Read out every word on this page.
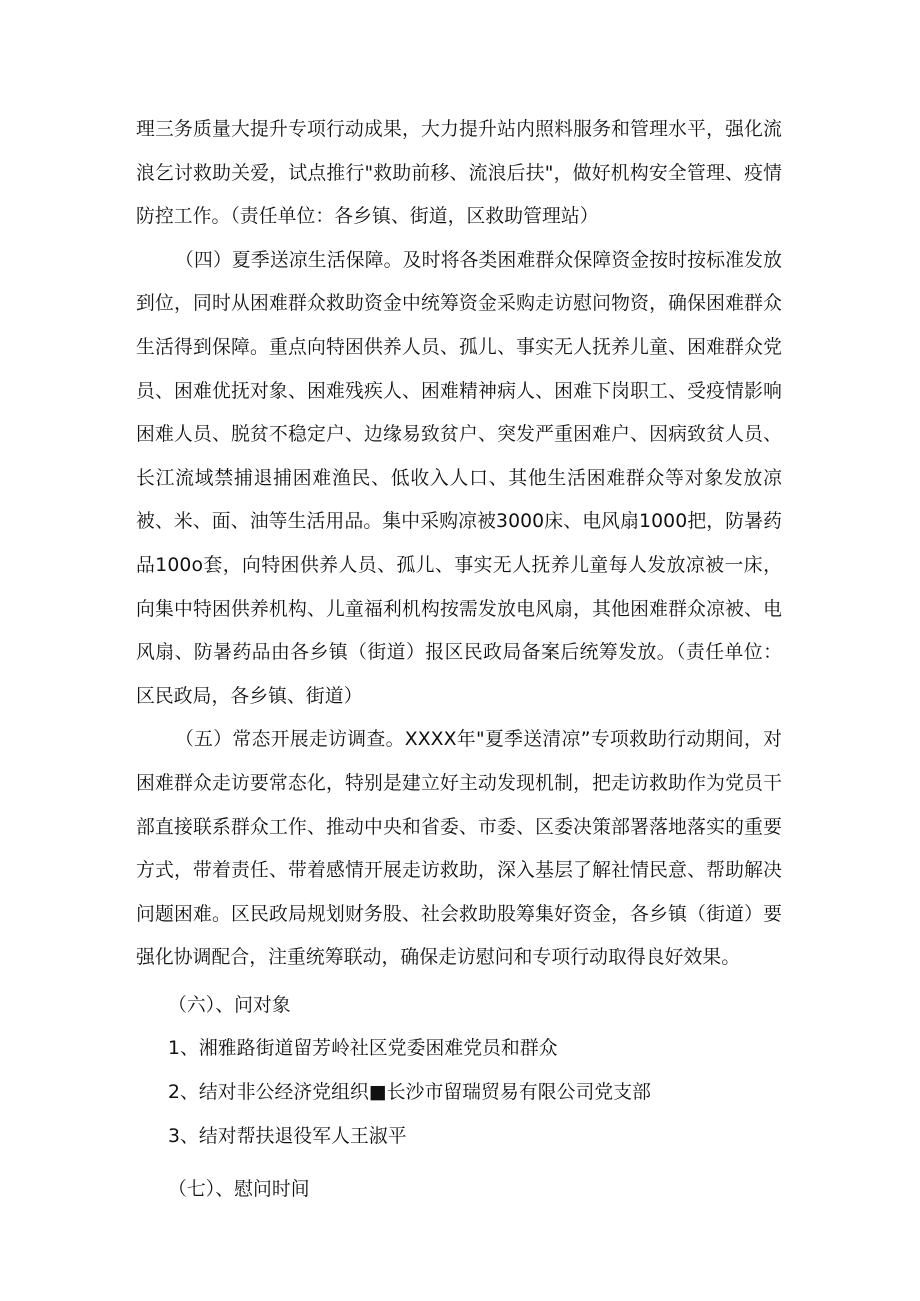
理三务质量大提升专项行动成果，大力提升站内照料服务和管理水平，强化流浪乞讨救助关爱，试点推行"救助前移、流浪后扶"，做好机构安全管理、疫情防控工作。（责任单位：各乡镇、街道，区救助管理站）

（四）夏季送凉生活保障。及时将各类困难群众保障资金按时按标准发放到位，同时从困难群众救助资金中统筹资金采购走访慰问物资，确保困难群众生活得到保障。重点向特困供养人员、孤儿、事实无人抚养儿童、困难群众党员、困难优抚对象、困难残疾人、困难精神病人、困难下岗职工、受疫情影响困难人员、脱贫不稳定户、边缘易致贫户、突发严重困难户、因病致贫人员、长江流域禁捕退捕困难渔民、低收入人口、其他生活困难群众等对象发放凉被、米、面、油等生活用品。集中采购凉被3000床、电风扇1000把，防暑药品100o套，向特困供养人员、孤儿、事实无人抚养儿童每人发放凉被一床，向集中特困供养机构、儿童福利机构按需发放电风扇，其他困难群众凉被、电风扇、防暑药品由各乡镇（街道）报区民政局备案后统筹发放。（责任单位：区民政局，各乡镇、街道）

（五）常态开展走访调查。XXXX年"夏季送清凉”专项救助行动期间，对困难群众走访要常态化，特别是建立好主动发现机制，把走访救助作为党员干部直接联系群众工作、推动中央和省委、市委、区委决策部署落地落实的重要方式，带着责任、带着感情开展走访救助，深入基层了解社情民意、帮助解决问题困难。区民政局规划财务股、社会救助股筹集好资金，各乡镇（街道）要强化协调配合，注重统筹联动，确保走访慰问和专项行动取得良好效果。

（六）、问对象

1、湘雅路街道留芳岭社区党委困难党员和群众

2、结对非公经济党组织■长沙市留瑞贸易有限公司党支部

3、结对帮扶退役军人王淑平

（七）、慰问时间
